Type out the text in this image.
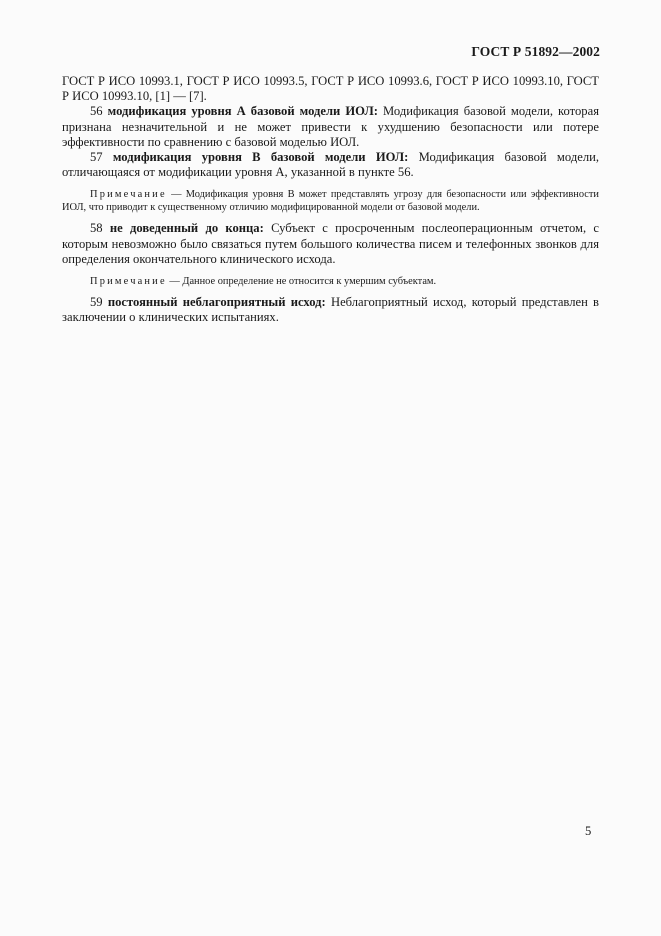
ГОСТ Р 51892—2002

ГОСТ Р ИСО 10993.1, ГОСТ Р ИСО 10993.5, ГОСТ Р ИСО 10993.6, ГОСТ Р ИСО 10993.10, ГОСТ Р ИСО 10993.10, [1] — [7].

56 модификация уровня А базовой модели ИОЛ: Модификация базовой модели, которая признана незначительной и не может привести к ухудшению безопасности или потере эффективности по сравнению с базовой моделью ИОЛ.

57 модификация уровня В базовой модели ИОЛ: Модификация базовой модели, отличающаяся от модификации уровня А, указанной в пункте 56.

Примечание — Модификация уровня В может представлять угрозу для безопасности или эффективности ИОЛ, что приводит к существенному отличию модифицированной модели от базовой модели.

58 не доведенный до конца: Субъект с просроченным послеоперационным отчетом, с которым невозможно было связаться путем большого количества писем и телефонных звонков для определения окончательного клинического исхода.

Примечание — Данное определение не относится к умершим субъектам.

59 постоянный неблагоприятный исход: Неблагоприятный исход, который представлен в заключении о клинических испытаниях.

5
